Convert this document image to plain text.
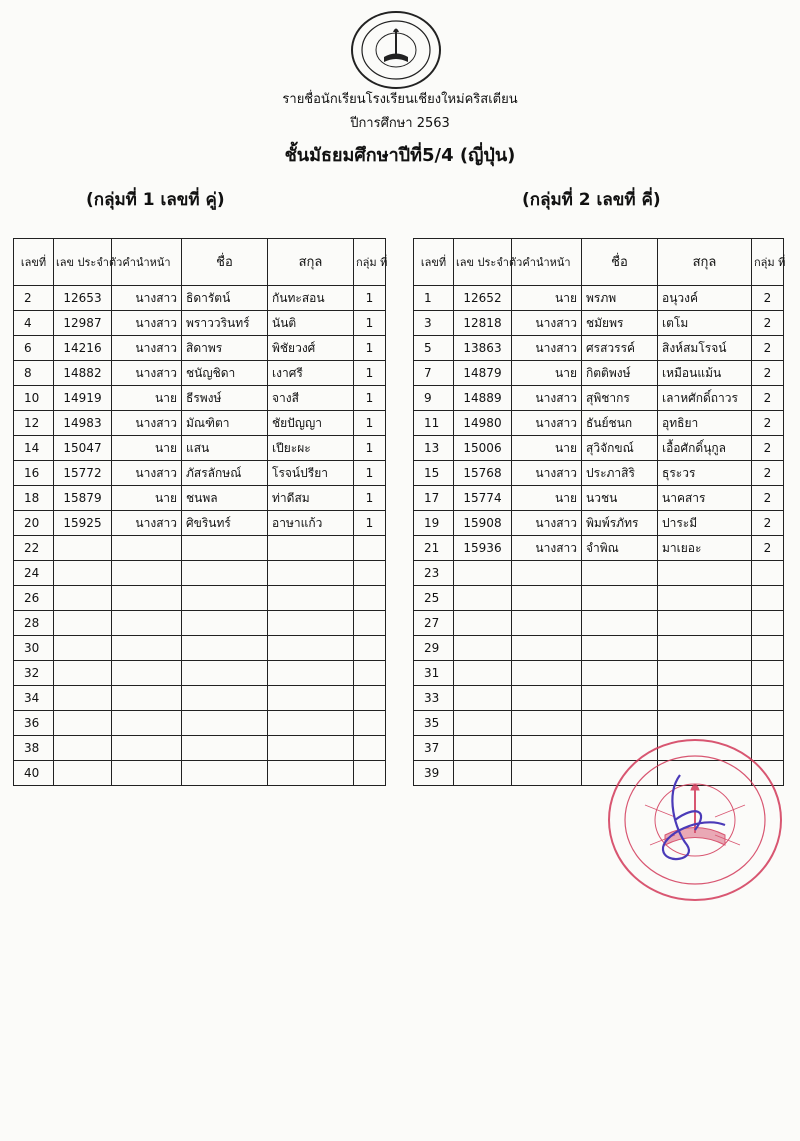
รายชื่อนักเรียนโรงเรียนเชียงใหม่คริสเตียน
ปีการศึกษา 2563
ชั้นมัธยมศึกษาปีที่5/4 (ญี่ปุ่น)
(กลุ่มที่ 1 เลขที่ คู่)	(กลุ่มที่ 2 เลขที่ คี่)
เลขที่	เลข ประจำตัว	คำนำหน้า	ชื่อ	สกุล	กลุ่ม ที่
2	12653	นางสาว	ธิดารัตน์	กันทะสอน	1
4	12987	นางสาว	พราววรินทร์	นันติ	1
6	14216	นางสาว	สิดาพร	พิชัยวงศ์	1
8	14882	นางสาว	ชนัญชิดา	เงาศรี	1
10	14919	นาย	ธีรพงษ์	จางสี	1
12	14983	นางสาว	มัณฑิตา	ชัยปัญญา	1
14	15047	นาย	แสน	เปียะผะ	1
16	15772	นางสาว	ภัสรลักษณ์	โรจน์ปรียา	1
18	15879	นาย	ชนพล	ท่าดีสม	1
20	15925	นางสาว	ศิขรินทร์	อาษาแก้ว	1
22					
24					
26					
28					
30					
32					
34					
36					
38					
40					
เลขที่	เลข ประจำตัว	คำนำหน้า	ชื่อ	สกุล	กลุ่ม ที่
1	12652	นาย	พรภพ	อนุวงค์	2
3	12818	นางสาว	ชมัยพร	เตโม	2
5	13863	นางสาว	ศรสวรรค์	สิงห์สมโรจน์	2
7	14879	นาย	กิตติพงษ์	เหมือนแม้น	2
9	14889	นางสาว	สุพิชากร	เลาหศักดิ์ถาวร	2
11	14980	นางสาว	ธันย์ชนก	อุทธิยา	2
13	15006	นาย	สุวิจักขณ์	เอื้อศักดิ์นุกูล	2
15	15768	นางสาว	ประภาสิริ	ธุระวร	2
17	15774	นาย	นวชน	นาคสาร	2
19	15908	นางสาว	พิมพ์รภัทร	ปาระมี	2
21	15936	นางสาว	จำพิณ	มาเยอะ	2
23					
25					
27					
29					
31					
33					
35					
37					
39					
